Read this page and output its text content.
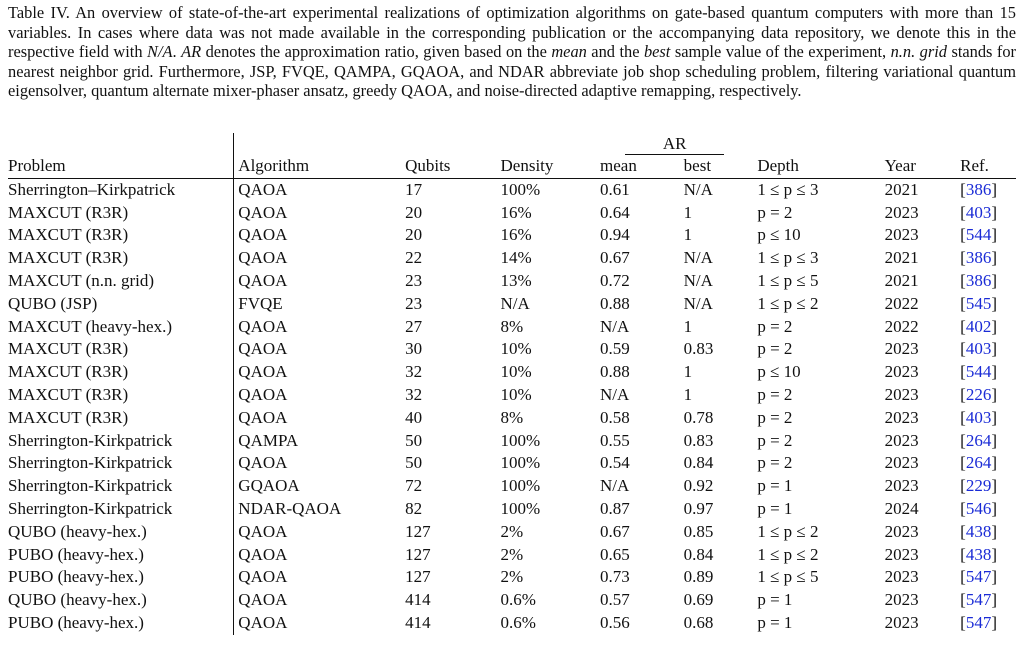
Table IV. An overview of state-of-the-art experimental realizations of optimization algorithms on gate-based quantum computers with more than 15 variables. In cases where data was not made available in the corresponding publication or the accompanying data repository, we denote this in the respective field with N/A. AR denotes the approximation ratio, given based on the mean and the best sample value of the experiment, n.n. grid stands for nearest neighbor grid. Furthermore, JSP, FVQE, QAMPA, GQAOA, and NDAR abbreviate job shop scheduling problem, filtering variational quantum eigensolver, quantum alternate mixer-phaser ansatz, greedy QAOA, and noise-directed adaptive remapping, respectively.
				AR				
Problem	Algorithm	Qubits	Density	mean	best	Depth	Year	Ref.
Sherrington–Kirkpatrick	QAOA	17	100%	0.61	N/A	1 ≤ p ≤ 3	2021	[386]
MAXCUT (R3R)	QAOA	20	16%	0.64	1	p = 2	2023	[403]
MAXCUT (R3R)	QAOA	20	16%	0.94	1	p ≤ 10	2023	[544]
MAXCUT (R3R)	QAOA	22	14%	0.67	N/A	1 ≤ p ≤ 3	2021	[386]
MAXCUT (n.n. grid)	QAOA	23	13%	0.72	N/A	1 ≤ p ≤ 5	2021	[386]
QUBO (JSP)	FVQE	23	N/A	0.88	N/A	1 ≤ p ≤ 2	2022	[545]
MAXCUT (heavy-hex.)	QAOA	27	8%	N/A	1	p = 2	2022	[402]
MAXCUT (R3R)	QAOA	30	10%	0.59	0.83	p = 2	2023	[403]
MAXCUT (R3R)	QAOA	32	10%	0.88	1	p ≤ 10	2023	[544]
MAXCUT (R3R)	QAOA	32	10%	N/A	1	p = 2	2023	[226]
MAXCUT (R3R)	QAOA	40	8%	0.58	0.78	p = 2	2023	[403]
Sherrington-Kirkpatrick	QAMPA	50	100%	0.55	0.83	p = 2	2023	[264]
Sherrington-Kirkpatrick	QAOA	50	100%	0.54	0.84	p = 2	2023	[264]
Sherrington-Kirkpatrick	GQAOA	72	100%	N/A	0.92	p = 1	2023	[229]
Sherrington-Kirkpatrick	NDAR-QAOA	82	100%	0.87	0.97	p = 1	2024	[546]
QUBO (heavy-hex.)	QAOA	127	2%	0.67	0.85	1 ≤ p ≤ 2	2023	[438]
PUBO (heavy-hex.)	QAOA	127	2%	0.65	0.84	1 ≤ p ≤ 2	2023	[438]
PUBO (heavy-hex.)	QAOA	127	2%	0.73	0.89	1 ≤ p ≤ 5	2023	[547]
QUBO (heavy-hex.)	QAOA	414	0.6%	0.57	0.69	p = 1	2023	[547]
PUBO (heavy-hex.)	QAOA	414	0.6%	0.56	0.68	p = 1	2023	[547]
